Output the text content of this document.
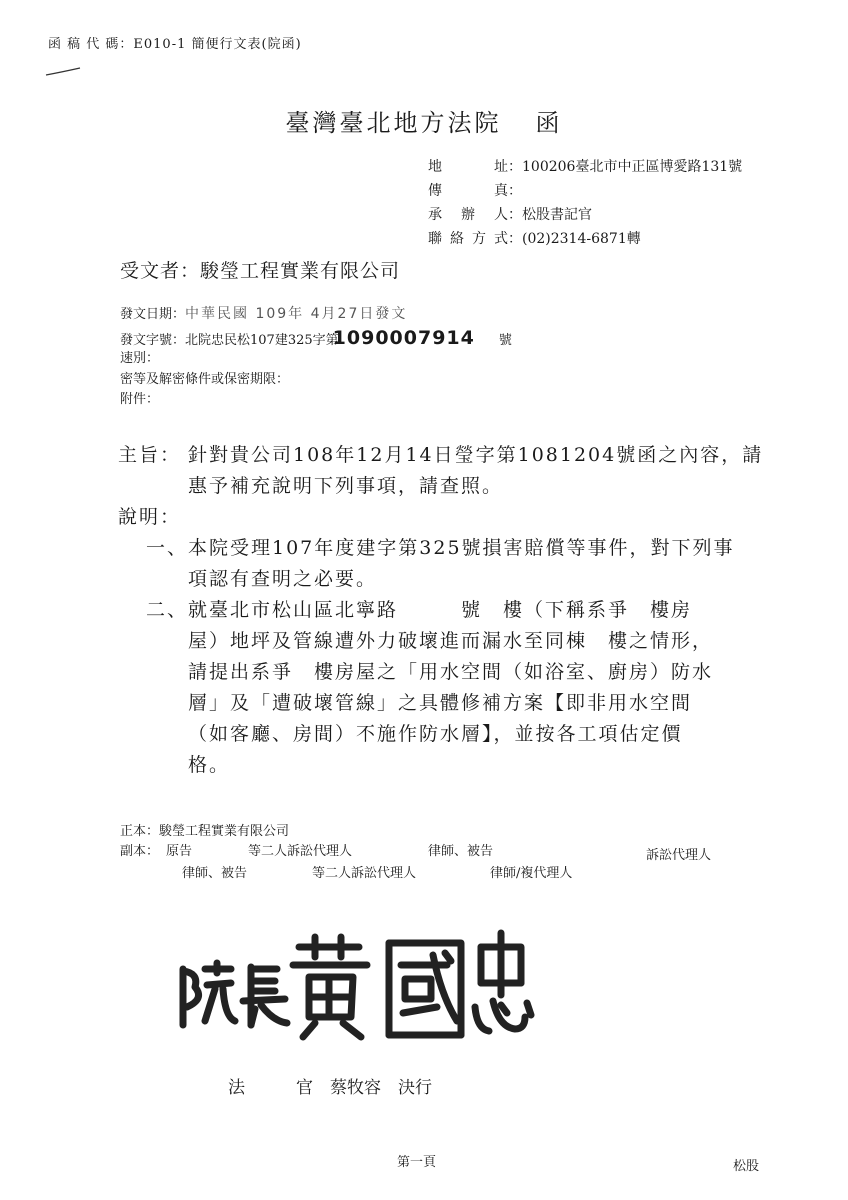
函 稿 代 碼：E010-1 簡便行文表(院函)
臺灣臺北地方法院 函
地　　址：100206臺北市中正區博愛路131號
傳　　真：
承 辦 人：松股書記官
聯絡方式：(02)2314-6871轉
受文者：駿瑩工程實業有限公司
發文日期：中華民國 109年 4月27日發文
發文字號：北院忠民松107建325字第1090007914 號
速別：
密等及解密條件或保密期限：
附件：
主旨： 針對貴公司108年12月14日瑩字第1081204號函之內容，請
惠予補充說明下列事項，請查照。
說明：
一、 本院受理107年度建字第325號損害賠償等事件，對下列事
項認有查明之必要。
二、 就臺北市松山區北寧路　　　號　樓（下稱系爭　樓房
屋）地坪及管線遭外力破壞進而漏水至同棟　樓之情形，
請提出系爭　樓房屋之「用水空間（如浴室、廚房）防水
層」及「遭破壞管線」之具體修補方案【即非用水空間
（如客廳、房間）不施作防水層】，並按各工項估定價
格。
正本：駿瑩工程實業有限公司
副本： 原告	等二人訴訟代理人	律師、被告	訴訟代理人
律師、被告	等二人訴訟代理人	律師/複代理人
法　　　官　蔡牧容　決行
第一頁	松股
